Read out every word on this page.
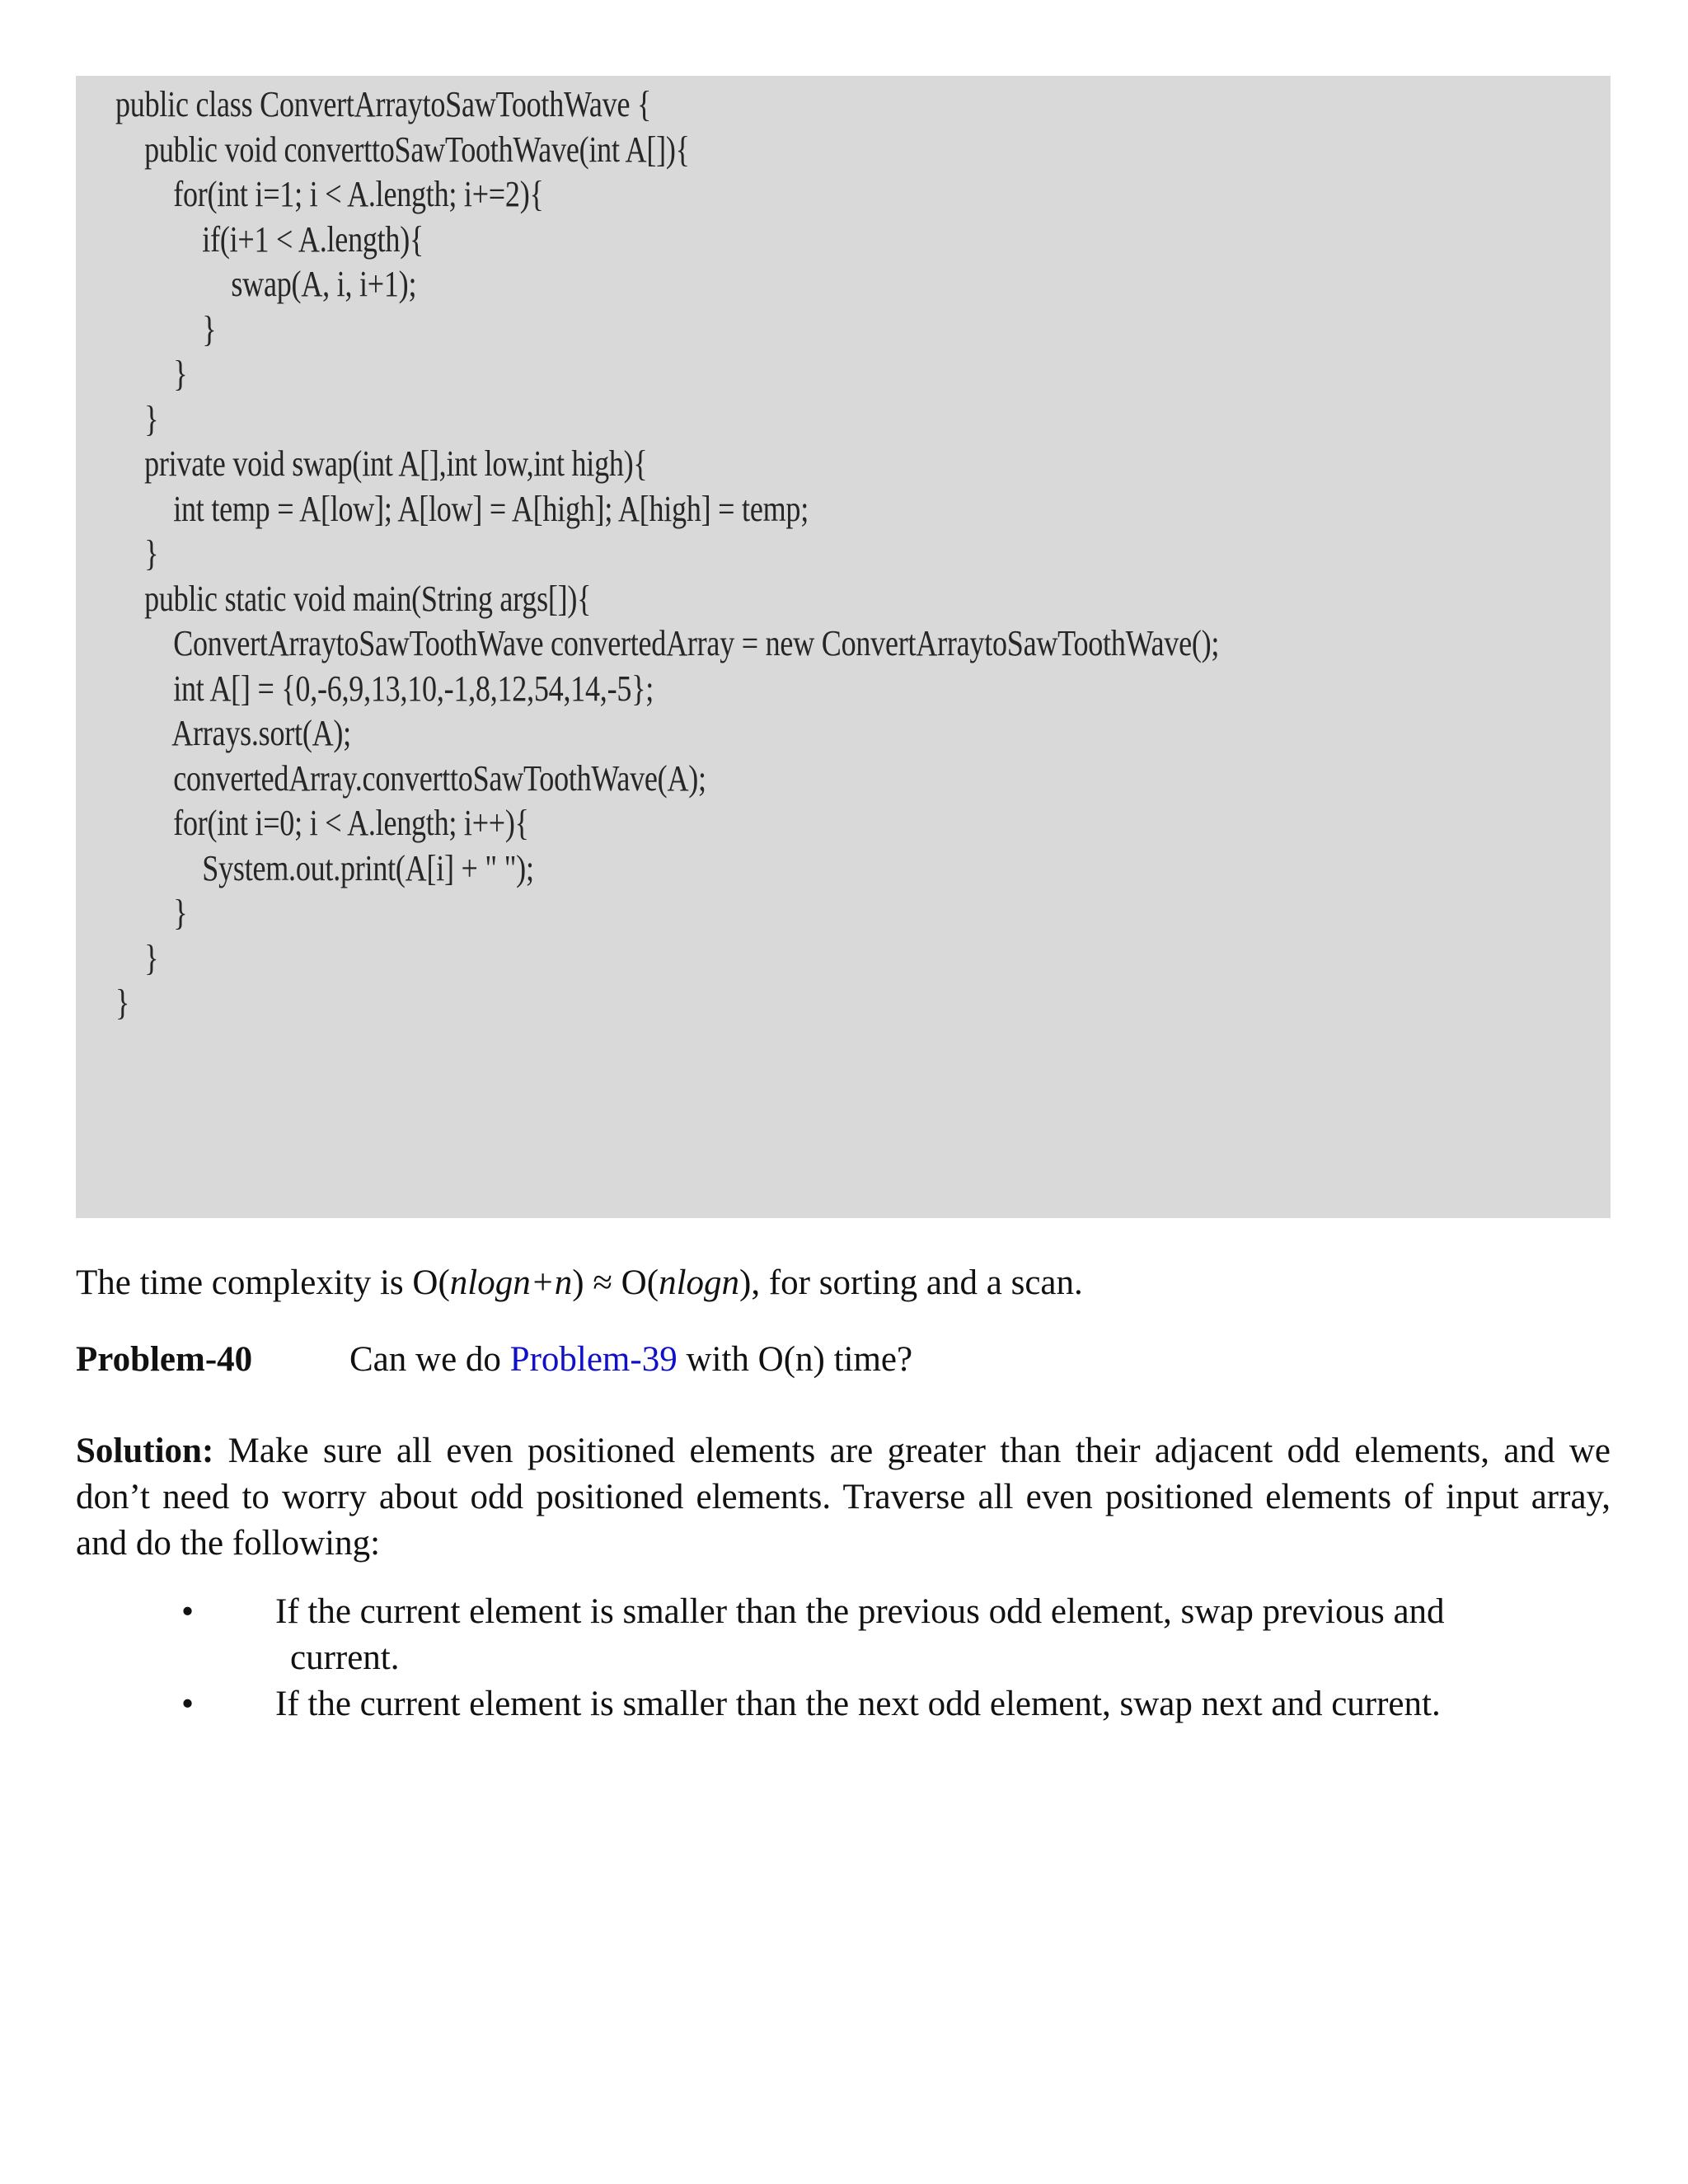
public class ConvertArraytoSawToothWave {
public void converttoSawToothWave(int A[]){
for(int i=1; i < A.length; i+=2){
if(i+1 < A.length){
swap(A, i, i+1);
}
}
}
private void swap(int A[],int low,int high){
int temp = A[low]; A[low] = A[high]; A[high] = temp;
}
public static void main(String args[]){
ConvertArraytoSawToothWave convertedArray = new ConvertArraytoSawToothWave();
int A[] = {0,-6,9,13,10,-1,8,12,54,14,-5};
Arrays.sort(A);
convertedArray.converttoSawToothWave(A);
for(int i=0; i < A.length; i++){
System.out.print(A[i] + " ");
}
}
}
The time complexity is O(nlogn+n) ≈ O(nlogn), for sorting and a scan.
Problem-40	Can we do Problem-39 with O(n) time?
Solution: Make sure all even positioned elements are greater than their adjacent odd elements, and we don’t need to worry about odd positioned elements. Traverse all even positioned elements of input array, and do the following:
• If the current element is smaller than the previous odd element, swap previous and
current.
• If the current element is smaller than the next odd element, swap next and current.
